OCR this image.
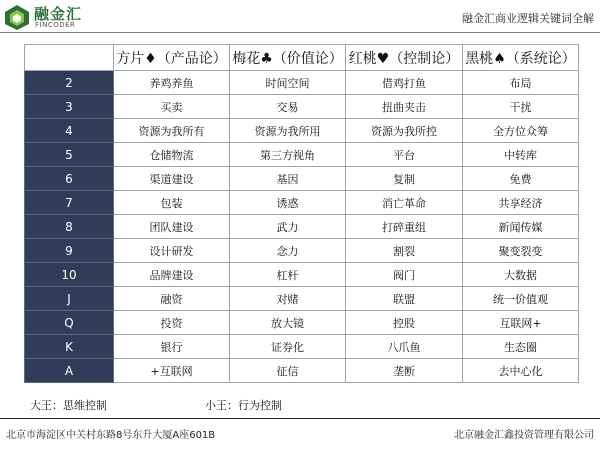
融金汇
FINCODER	融金汇商业逻辑关键词全解
	方片♦（产品论）	梅花♣（价值论）	红桃♥（控制论）	黑桃♠（系统论）
2	养鸡养鱼	时间空间	借鸡打鱼	布局
3	买卖	交易	扭曲夹击	干扰
4	资源为我所有	资源为我所用	资源为我所控	全方位众筹
5	仓储物流	第三方视角	平台	中转库
6	渠道建设	基因	复制	免费
7	包装	诱惑	消亡革命	共享经济
8	团队建设	武力	打碎重组	新闻传媒
9	设计研发	念力	割裂	聚变裂变
10	品牌建设	杠杆	阀门	大数据
J	融资	对赌	联盟	统一价值观
Q	投资	放大镜	控股	互联网+
K	银行	证券化	八爪鱼	生态圈
A	+互联网	征信	垄断	去中心化
大王：思维控制	小王：行为控制
北京市海淀区中关村东路8号东升大厦A座601B	北京融金汇鑫投资管理有限公司
